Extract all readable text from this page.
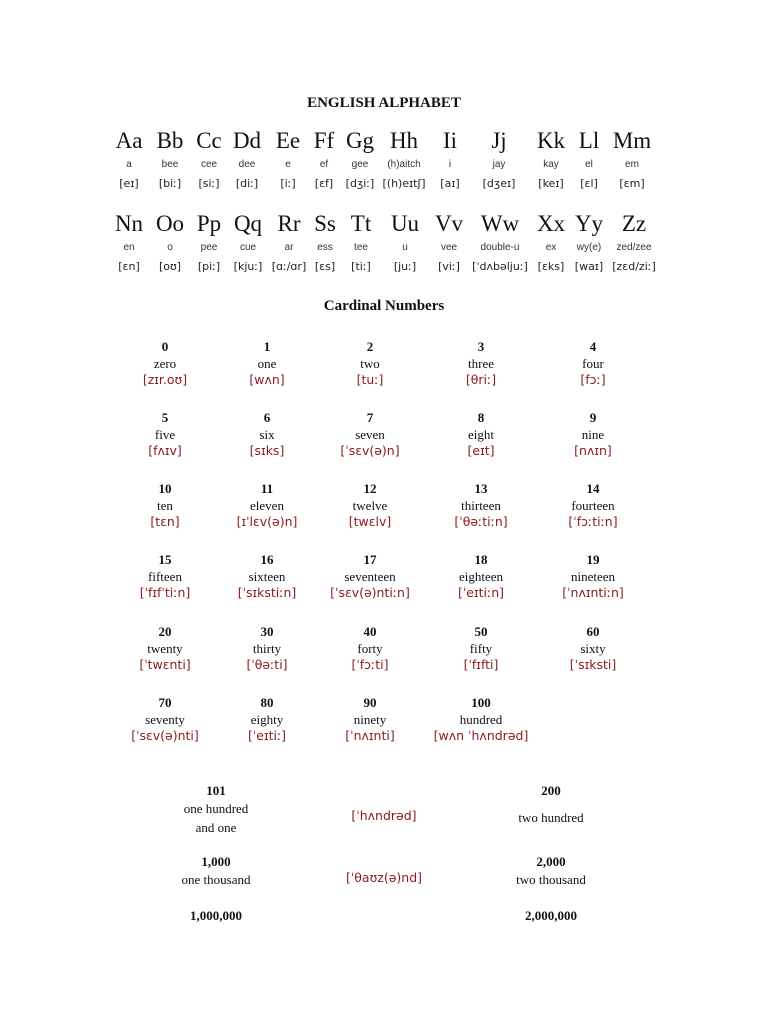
ENGLISH ALPHABET
Aa
a
[eɪ]
Bb
bee
[biː]
Cc
cee
[siː]
Dd
dee
[diː]
Ee
e
[iː]
Ff
ef
[ɛf]
Gg
gee
[dʒiː]
Hh
(h)aitch
[(h)eɪtʃ]
Ii
i
[aɪ]
Jj
jay
[dʒeɪ]
Kk
kay
[keɪ]
Ll
el
[ɛl]
Mm
em
[ɛm]
Nn
en
[ɛn]
Oo
o
[oʊ]
Pp
pee
[piː]
Qq
cue
[kjuː]
Rr
ar
[ɑː/ɑr]
Ss
ess
[ɛs]
Tt
tee
[tiː]
Uu
u
[juː]
Vv
vee
[viː]
Ww
double-u
[ˈdʌbəljuː]
Xx
ex
[ɛks]
Yy
wy(e)
[waɪ]
Zz
zed/zee
[zɛd/ziː]
Cardinal Numbers
0
zero
[zɪr.oʊ]
1
one
[wʌn]
2
two
[tuː]
3
three
[θriː]
4
four
[fɔː]
5
five
[fʌɪv]
6
six
[sɪks]
7
seven
[ˈsɛv(ə)n]
8
eight
[eɪt]
9
nine
[nʌɪn]
10
ten
[tɛn]
11
eleven
[ɪˈlɛv(ə)n]
12
twelve
[twɛlv]
13
thirteen
[ˈθəːtiːn]
14
fourteen
[ˈfɔːtiːn]
15
fifteen
[ˈfɪfˈtiːn]
16
sixteen
[ˈsɪkstiːn]
17
seventeen
[ˈsɛv(ə)ntiːn]
18
eighteen
[ˈeɪtiːn]
19
nineteen
[ˈnʌɪntiːn]
20
twenty
[ˈtwɛnti]
30
thirty
[ˈθəːti]
40
forty
[ˈfɔːti]
50
fifty
[ˈfɪfti]
60
sixty
[ˈsɪksti]
70
seventy
[ˈsɛv(ə)nti]
80
eighty
[ˈeɪtiː]
90
ninety
[ˈnʌɪnti]
100
hundred
[wʌn ˈhʌndrəd]
101
one hundred
and one
[ˈhʌndrəd]
200
two hundred
1,000
one thousand	[ˈθaʊz(ə)nd]
2,000
two thousand
1,000,000	2,000,000
